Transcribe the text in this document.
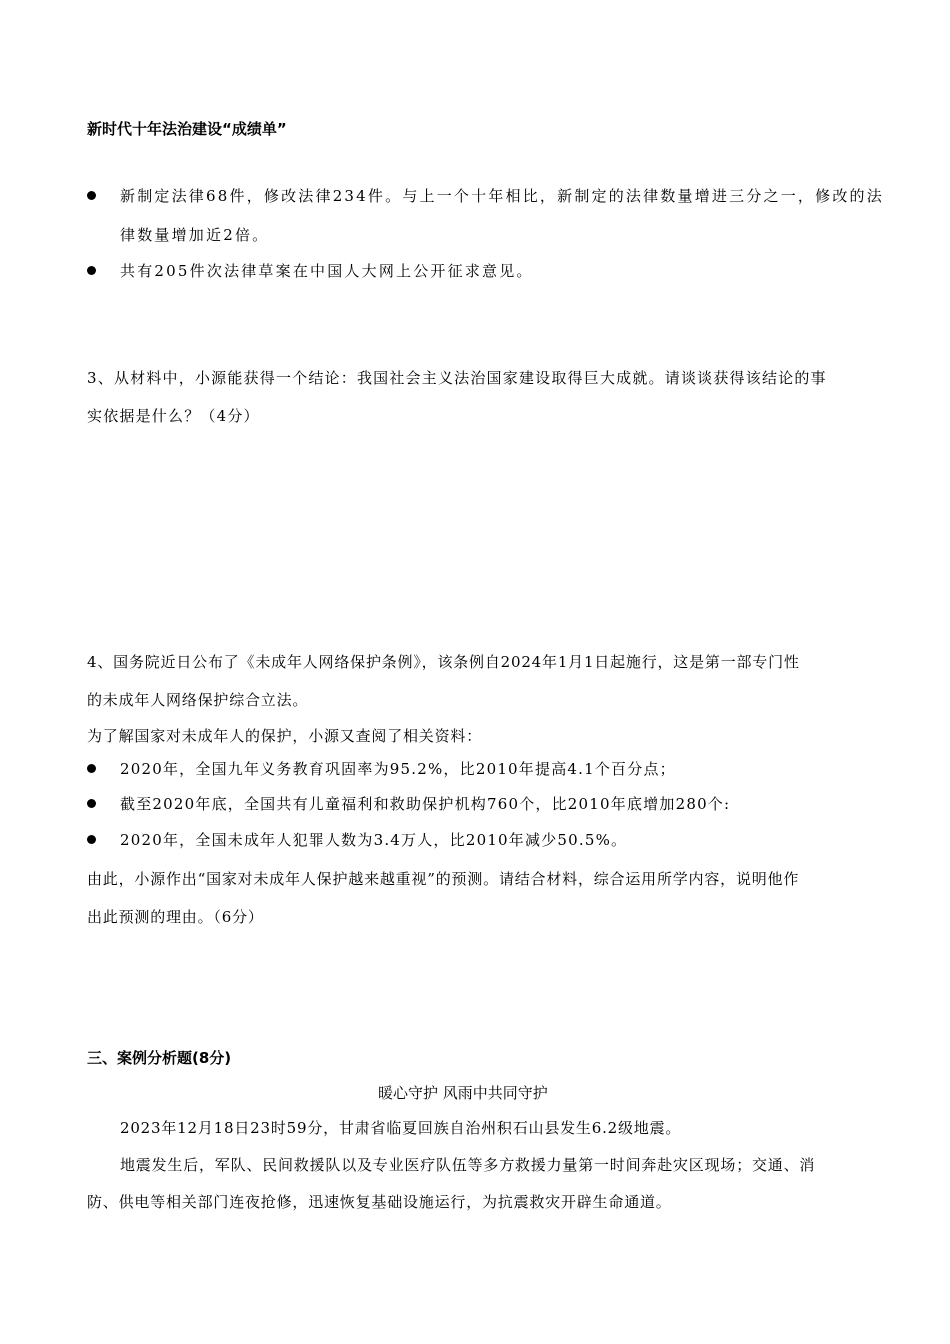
新时代十年法治建设“成绩单”
新制定法律68件，修改法律234件。与上一个十年相比，新制定的法律数量增进三分之一，修改的法
律数量增加近2倍。
共有205件次法律草案在中国人大网上公开征求意见。
3、从材料中，小源能获得一个结论：我国社会主义法治国家建设取得巨大成就。请谈谈获得该结论的事
实依据是什么？（4分）
4、国务院近日公布了《未成年人网络保护条例》，该条例自2024年1月1日起施行，这是第一部专门性
的未成年人网络保护综合立法。
为了解国家对未成年人的保护，小源又查阅了相关资料：
2020年，全国九年义务教育巩固率为95.2%，比2010年提高4.1个百分点；
截至2020年底，全国共有儿童福利和救助保护机构760个，比2010年底增加280个:
2020年，全国未成年人犯罪人数为3.4万人，比2010年减少50.5%。
由此，小源作出“国家对未成年人保护越来越重视”的预测。请结合材料，综合运用所学内容，说明他作
出此预测的理由。（6分）
三、案例分析题(8分)
暖心守护 风雨中共同守护
2023年12月18日23时59分，甘肃省临夏回族自治州积石山县发生6.2级地震。
地震发生后，军队、民间救援队以及专业医疗队伍等多方救援力量第一时间奔赴灾区现场；交通、消
防、供电等相关部门连夜抢修，迅速恢复基础设施运行，为抗震救灾开辟生命通道。
